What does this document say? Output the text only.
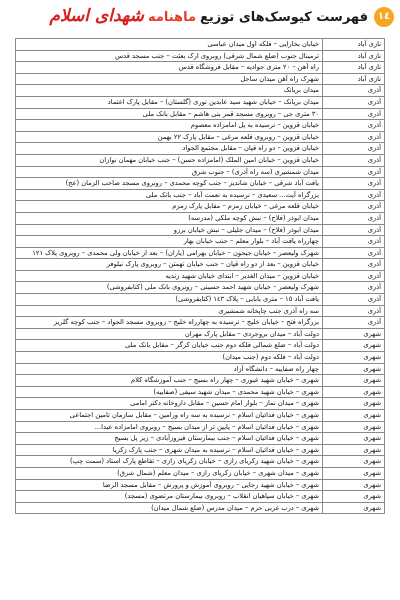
١٤
فهرست کیوسک‌های توزیع
ماهنامه
شهدای اسلام
نازی آباد	خیابان بخارایی – فلکه اول میدان عباسی
نازی آباد	ترمینال جنوب (ضلع شمال شرقی) روبروی ارک بعثت – جنب مسجد قدس
نازی آباد	راه آهن – ٢٠ متری جوادیه – مقابل فروشگاه قدس
نازی آباد	شهرک راه آهن میدان ساحل
آذری	میدان بریانک
آذری	میدان بریانک – خیابان شهید سید عابدین نوری (گلستان) – مقابل پارک اعتماد
آذری	٣٠ متری جی – روبروی مسجد قمر بنی هاشم – مقابل بانک ملی
آذری	خیابان قزوین – نرسیده به پل امامزاده معصوم
آذری	خیابان قزوین – روبروی قلعه مرغی – مقابل پارک ٢٢ بهمن
آذری	خیابان قزوین – دو راه قپان – مقابل مجتمع الجواد
آذری	خیابان قزوین – خیابان امین الملک (امامزاده حسن) – جنب خیابان مهمان نوازان
آذری	میدان شمشیری (سه راه آذری) – جنوب شرق
آذری	یافت آباد شرقی – خیابان شاندیز – جنب کوچه محمدی – روبروی مسجد صاحب الزمان (عج)
آذری	بزرگراه آیت... سعیدی – نرسیده به نعمت آباد – جنب بانک ملی
آذری	خیابان قلعه مرغی – خیابان زمزم – مقابل پارک زمزم
آذری	میدان ابوذر (فلاح) – نبش کوچه ملکی (مدرسه)
آذری	میدان ابوذر (فلاح) – میدان جلیلی – نبش خیابان برزو
آذری	چهارراه یافت آباد – بلوار معلم – جنب خیابان بهار
آذری	شهرک ولیعصر – خیابان جیحون – خیابان بهرامی (یاران) – بعد از خیابان ولی محمدی – روبروی پلاک ١٢١
آذری	خیابان قزوین – بعد از دو راه قپان – جنب خیابان تهمتن – روبروی پارک نیلوفر
آذری	خیابان قزوین – میدان الغدیر – ابتدای خیابان شهید زندیه
آذری	شهرک ولیعصر – خیابان شهید احمد حسینی – روبروی بانک ملی (کتابفروشی)
آذری	یافت آباد ١٥ – متری بابایی – پلاک ١٤٣ (کتابفروشی)
آذری	سه راه آذری جنب چاپخانه شمشیری
آذری	بزرگراه فتح – خیابان خلیج – نرسیده به چهارراه خلیج – روبروی مسجد الجواد – جنب کوچه گلریز
شهری	دولت آباد – میدان بروجردی – مقابل پارک مهران
شهری	دولت آباد – ضلع شمالی فلکه دوم جنب خیابان کرگر – مقابل بانک ملی
شهری	دولت آباد – فلکه دوم (جنب میدان)
شهری	چهار راه صفاییه – دانشگاه آزاد
شهری	شهری – خیابان شهید غیوری – چهار راه بسیج – جنب آموزشگاه کلام
شهری	شهری – خیابان شهید محمدی – میدان شهید سیفی (صفاییه)
شهری	شهری – میدان نماز – بلوار امام حسین – مقابل داروخانه دکتر امامی
شهری	شهری – خیابان فدائیان اسلام – نرسیده به سه راه ورامین – مقابل سازمان تامین اجتماعی
شهری	شهری – خیابان فدائیان اسلام – پایین تر از میدان بسیج – روبروی امامزاده عبدا...
شهری	شهری – خیابان فدائیان اسلام – جنب بیمارستان فیروزآبادی – زیر پل بسیج
شهری	شهری – خیابان فدائیان اسلام – نرسیده به میدان شهری – جنب پارک زکریا
شهری	شهری – خیابان شهید زکریای رازی – خیابان زکریای رازی – تقاطع پارک استاد (سمت چپ)
شهری	شهری – میدان شهری – خیابان زکریای رازی – میدان معلم (شمال شرق)
شهری	شهری – خیابان شهید رجایی – روبروی آموزش و پرورش – مقابل مسجد الرضا
شهری	شهری – خیابان سپاهیان انقلاب – روبروی بیمارستان مرتضوی (مسجد)
شهری	شهری – درب غربی حرم – میدان مدرس (ضلع شمال میدان)
